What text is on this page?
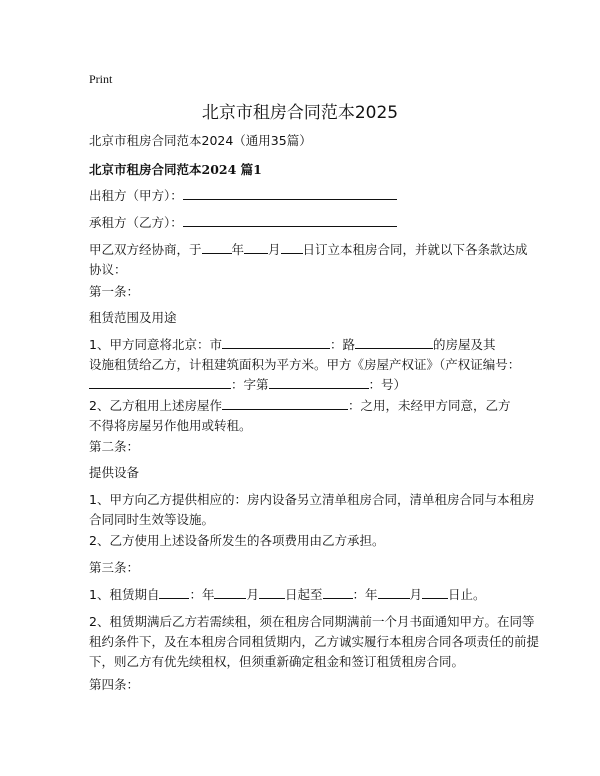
Print
北京市租房合同范本2025
北京市租房合同范本2024（通用35篇）
北京市租房合同范本2024 篇1
出租方（甲方）：
承租方（乙方）：
甲乙双方经协商，于 年 月 日订立本租房合同，并就以下各条款达成
协议：
第一条：
租赁范围及用途
1、甲方同意将北京：市	：路	的房屋及其
设施租赁给乙方，计租建筑面积为平方米。甲方《房屋产权证》（产权证编号：
：字第	：号）
2、乙方租用上述房屋作	：之用，未经甲方同意，乙方
不得将房屋另作他用或转租。
第二条：
提供设备
1、甲方向乙方提供相应的：房内设备另立清单租房合同，清单租房合同与本租房
合同同时生效等设施。
2、乙方使用上述设备所发生的各项费用由乙方承担。
第三条：
1、租赁期自 ：年	月 日起至 ：年	月 日止。
2、租赁期满后乙方若需续租，须在租房合同期满前一个月书面通知甲方。在同等
租约条件下，及在本租房合同租赁期内，乙方诚实履行本租房合同各项责任的前提
下，则乙方有优先续租权，但须重新确定租金和签订租赁租房合同。
第四条：
